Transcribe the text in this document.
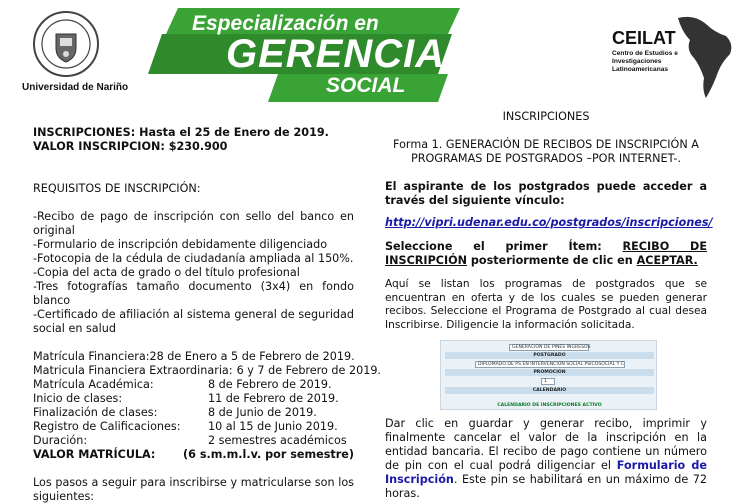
Universidad de Nariño
Especialización en
GERENCIA
SOCIAL
CEILAT
Centro de Estudios e Investigaciones Latinoamericanas
INSCRIPCIONES: Hasta el 25 de Enero de 2019.
VALOR INSCRIPCION: $230.900
REQUISITOS DE INSCRIPCIÓN:
-Recibo de pago de inscripción con sello del banco en original
-Formulario de inscripción debidamente diligenciado
-Fotocopia de la cédula de ciudadanía ampliada al 150%.
-Copia del acta de grado o del título profesional
-Tres fotografías tamaño documento (3x4) en fondo blanco
-Certificado de afiliación al sistema general de seguridad social en salud
Matrícula Financiera: 28 de Enero a 5 de Febrero de 2019.
Matricula Financiera Extraordinaria: 6 y 7 de Febrero de 2019.
Matrícula Académica:	8 de Febrero de 2019.
Inicio de clases:	11 de Febrero de 2019.
Finalización de clases:	8 de Junio de 2019.
Registro de Calificaciones:	10 al 15 de Junio 2019.
Duración:	2 semestres académicos
VALOR MATRÍCULA:	(6 s.m.m.l.v. por semestre)
Los pasos a seguir para inscribirse y matricularse son los siguientes:
INSCRIPCIONES
Forma 1. GENERACIÓN DE RECIBOS DE INSCRIPCIÓN A PROGRAMAS DE POSTGRADOS –POR INTERNET-.
El aspirante de los postgrados puede acceder a través del siguiente vínculo:
http://vipri.udenar.edu.co/postgrados/inscripciones/
Seleccione el primer Ítem: RECIBO DE INSCRIPCIÓN posteriormente de clic en ACEPTAR.
Aquí se listan los programas de postgrados que se encuentran en oferta y de los cuales se pueden generar recibos. Seleccione el Programa de Postgrado al cual desea Inscribirse. Diligencie la información solicitada.
GENERACION DE PINES INGRESOS
POSTGRADO
DIPLOMADO DE PS EN INTERVENCION SOCIAL PSICOSOCIAL Y C
PROMOCION
1
CALENDARIO
CALENDARIO DE INSCRIPCIONES ACTIVO
Dar clic en guardar y generar recibo, imprimir y finalmente cancelar el valor de la inscripción en la entidad bancaria. El recibo de pago contiene un número de pin con el cual podrá diligenciar el Formulario de Inscripción. Este pin se habilitará en un máximo de 72 horas.
